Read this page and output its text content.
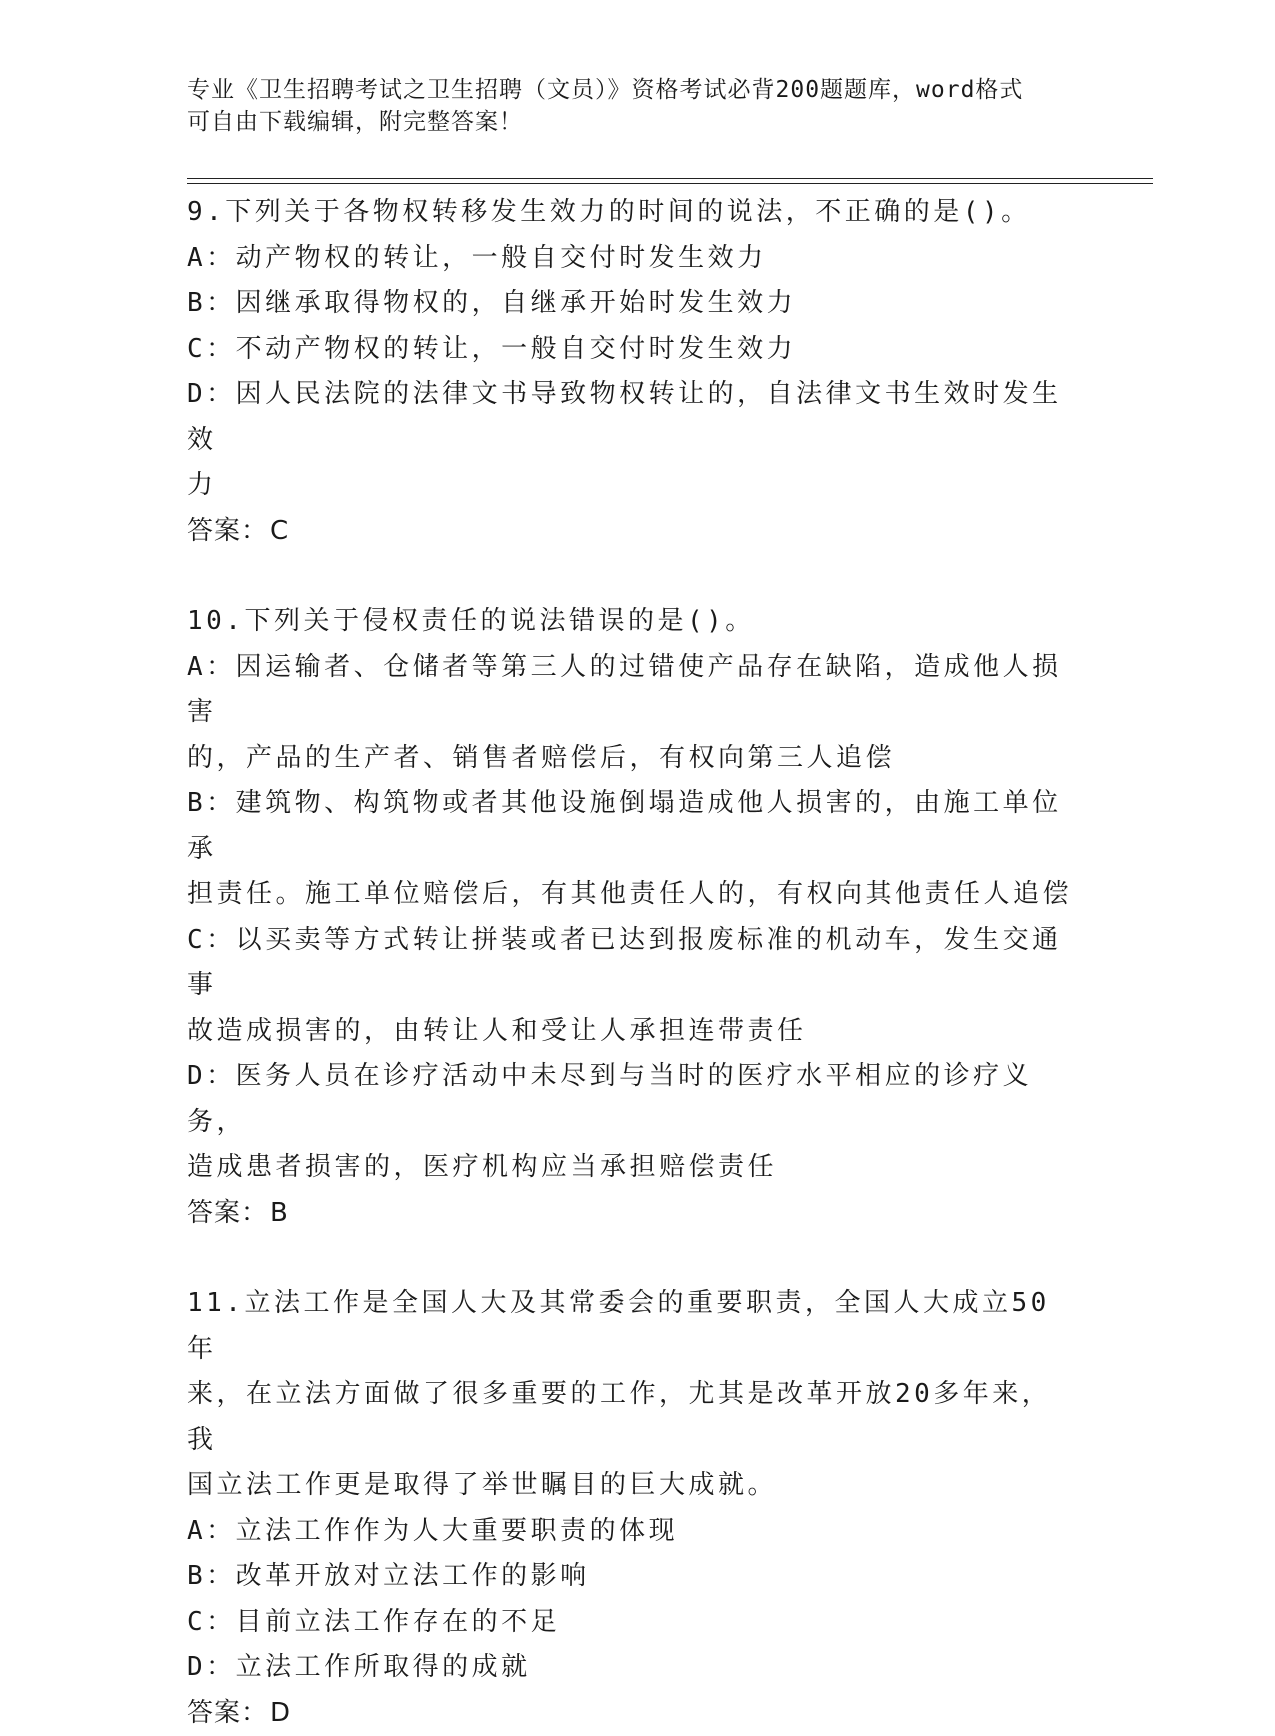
专业《卫生招聘考试之卫生招聘（文员）》资格考试必背200题题库，word格式
可自由下载编辑，附完整答案！
9.下列关于各物权转移发生效力的时间的说法，不正确的是()。
A：动产物权的转让，一般自交付时发生效力
B：因继承取得物权的，自继承开始时发生效力
C：不动产物权的转让，一般自交付时发生效力
D：因人民法院的法律文书导致物权转让的，自法律文书生效时发生效
力
答案：C
10.下列关于侵权责任的说法错误的是()。
A：因运输者、仓储者等第三人的过错使产品存在缺陷，造成他人损害
的，产品的生产者、销售者赔偿后，有权向第三人追偿
B：建筑物、构筑物或者其他设施倒塌造成他人损害的，由施工单位承
担责任。施工单位赔偿后，有其他责任人的，有权向其他责任人追偿
C：以买卖等方式转让拼装或者已达到报废标准的机动车，发生交通事
故造成损害的，由转让人和受让人承担连带责任
D：医务人员在诊疗活动中未尽到与当时的医疗水平相应的诊疗义务，
造成患者损害的，医疗机构应当承担赔偿责任
答案：B
11.立法工作是全国人大及其常委会的重要职责，全国人大成立50年
来，在立法方面做了很多重要的工作，尤其是改革开放20多年来，我
国立法工作更是取得了举世瞩目的巨大成就。
A：立法工作作为人大重要职责的体现
B：改革开放对立法工作的影响
C：目前立法工作存在的不足
D：立法工作所取得的成就
答案：D
